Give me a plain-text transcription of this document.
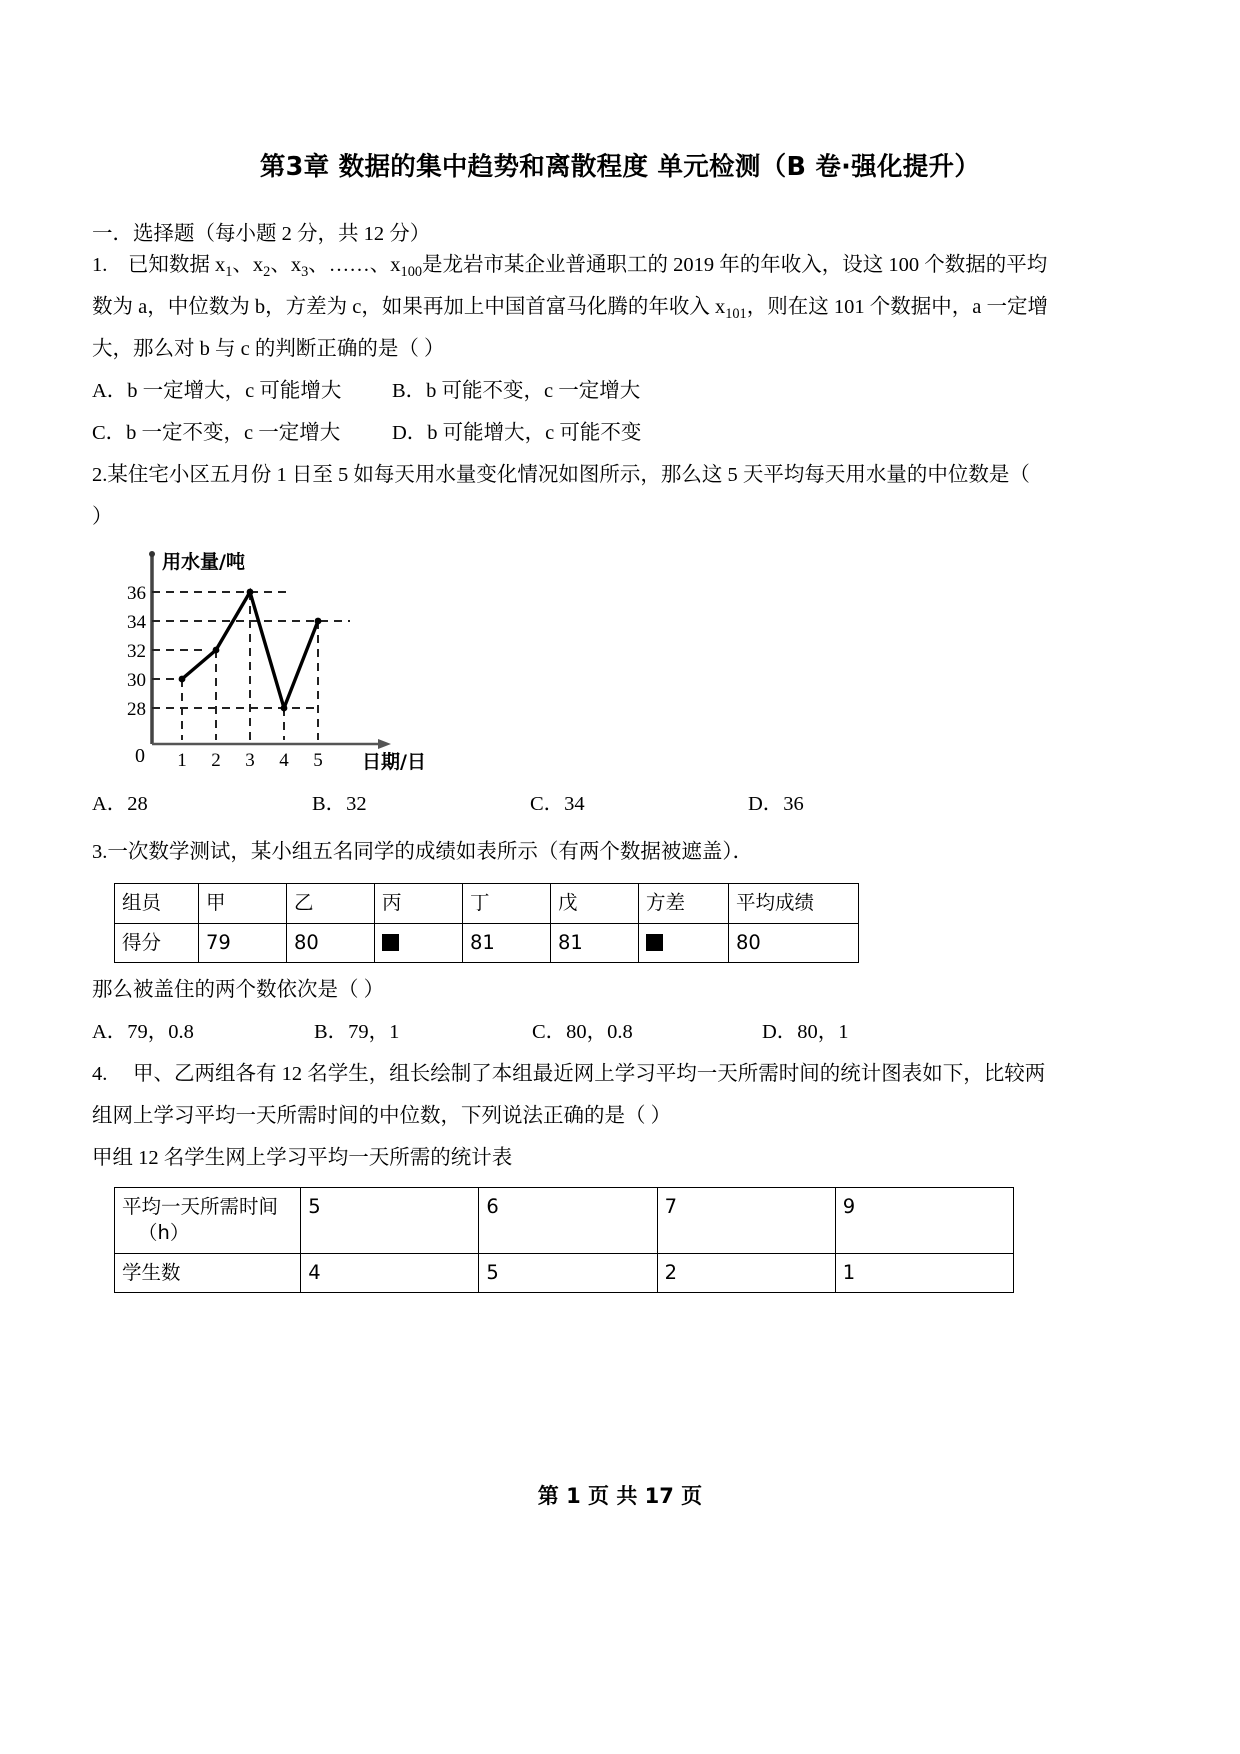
第3章 数据的集中趋势和离散程度 单元检测（B 卷·强化提升）
一．选择题（每小题 2 分，共 12 分）
1. 已知数据 $x_1$、$x_2$、$x_3$、……、$x_{100}$是龙岩市某企业普通职工的 2019 年的年收入，设这 100 个数据的平均
数为 a，中位数为 b，方差为 c，如果再加上中国首富马化腾的年收入 $x_{101}$，则在这 101 个数据中，a 一定增
大，那么对 b 与 c 的判断正确的是（ ）
A．b 一定增大，c 可能增大	B．b 可能不变，c 一定增大
C．b 一定不变，c 一定增大	D．b 可能增大，c 可能不变
2.某住宅小区五月份 1 日至 5 如每天用水量变化情况如图所示，那么这 5 天平均每天用水量的中位数是（
）
36
34
32
30
28
0 1 2 3 4 5
用水量/吨
日期/日
A．28	B．32	C．34	D．36
3.一次数学测试，某小组五名同学的成绩如表所示（有两个数据被遮盖）．
组员	甲	乙	丙	丁	戊	方差	平均成绩
得分	79	80		81	81		80
那么被盖住的两个数依次是（ ）
A．79，0.8	B．79，1	C．80，0.8	D．80，1
4. 甲、乙两组各有 12 名学生，组长绘制了本组最近网上学习平均一天所需时间的统计图表如下，比较两
组网上学习平均一天所需时间的中位数，下列说法正确的是（ ）
甲组 12 名学生网上学习平均一天所需的统计表
平均一天所需时间

（h）	5	6	7	9
学生数	4	5	2	1
第 1 页 共 17 页
